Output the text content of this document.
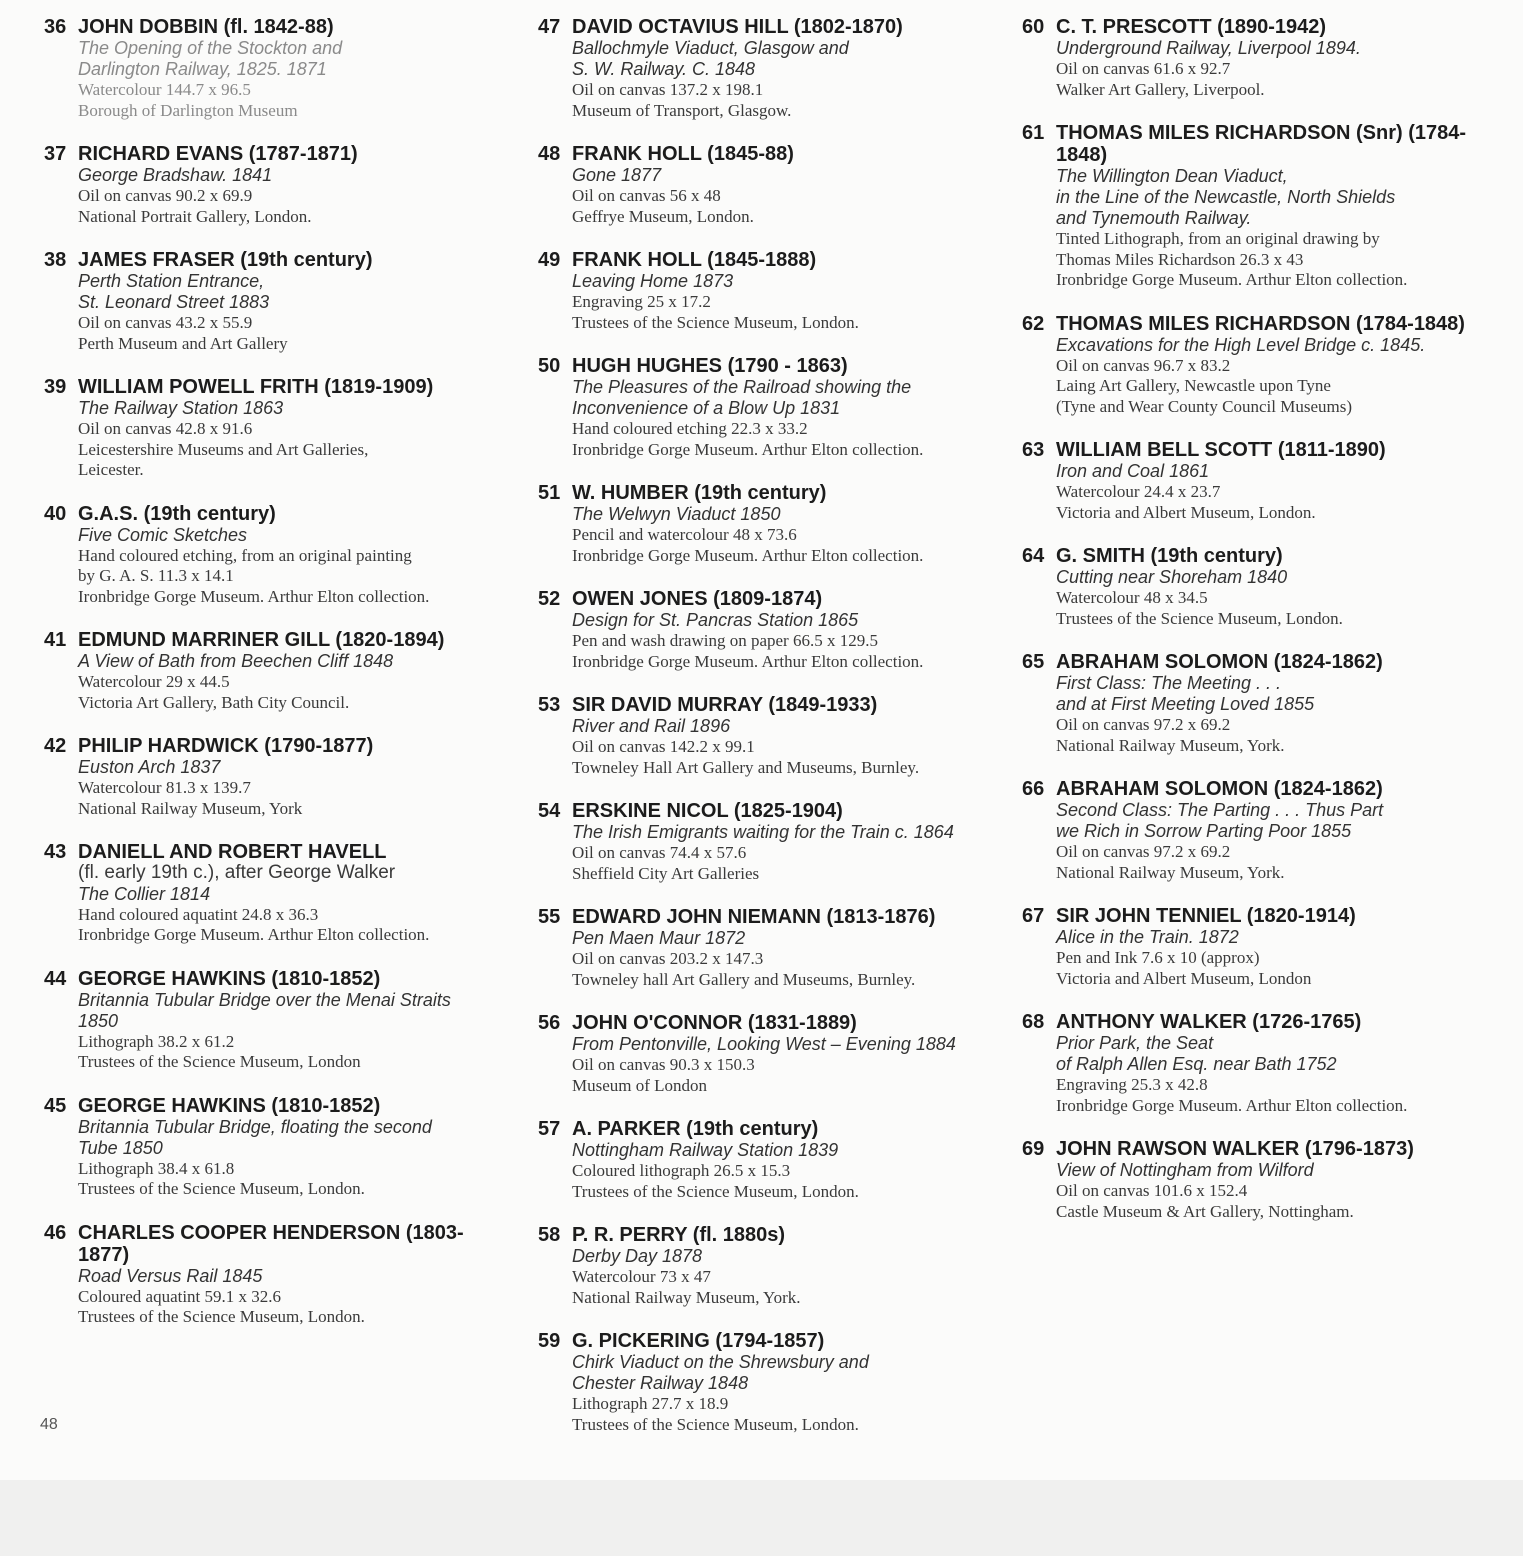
36 JOHN DOBBIN (fl. 1842-88)
The Opening of the Stockton and
Darlington Railway, 1825. 1871
Watercolour 144.7 x 96.5
Borough of Darlington Museum
37 RICHARD EVANS (1787-1871)
George Bradshaw. 1841
Oil on canvas 90.2 x 69.9
National Portrait Gallery, London.
38 JAMES FRASER (19th century)
Perth Station Entrance,
St. Leonard Street 1883
Oil on canvas 43.2 x 55.9
Perth Museum and Art Gallery
39 WILLIAM POWELL FRITH (1819-1909)
The Railway Station 1863
Oil on canvas 42.8 x 91.6
Leicestershire Museums and Art Galleries,
Leicester.
40 G.A.S. (19th century)
Five Comic Sketches
Hand coloured etching, from an original painting
by G. A. S. 11.3 x 14.1
Ironbridge Gorge Museum. Arthur Elton collection.
41 EDMUND MARRINER GILL (1820-1894)
A View of Bath from Beechen Cliff 1848
Watercolour 29 x 44.5
Victoria Art Gallery, Bath City Council.
42 PHILIP HARDWICK (1790-1877)
Euston Arch 1837
Watercolour 81.3 x 139.7
National Railway Museum, York
43 DANIELL AND ROBERT HAVELL
(fl. early 19th c.), after George Walker
The Collier 1814
Hand coloured aquatint 24.8 x 36.3
Ironbridge Gorge Museum. Arthur Elton collection.
44 GEORGE HAWKINS (1810-1852)
Britannia Tubular Bridge over the Menai Straits
1850
Lithograph 38.2 x 61.2
Trustees of the Science Museum, London
45 GEORGE HAWKINS (1810-1852)
Britannia Tubular Bridge, floating the second
Tube 1850
Lithograph 38.4 x 61.8
Trustees of the Science Museum, London.
46 CHARLES COOPER HENDERSON (1803-1877)
Road Versus Rail 1845
Coloured aquatint 59.1 x 32.6
Trustees of the Science Museum, London.
47 DAVID OCTAVIUS HILL (1802-1870)
Ballochmyle Viaduct, Glasgow and
S. W. Railway. C. 1848
Oil on canvas 137.2 x 198.1
Museum of Transport, Glasgow.
48 FRANK HOLL (1845-88)
Gone 1877
Oil on canvas 56 x 48
Geffrye Museum, London.
49 FRANK HOLL (1845-1888)
Leaving Home 1873
Engraving 25 x 17.2
Trustees of the Science Museum, London.
50 HUGH HUGHES (1790 - 1863)
The Pleasures of the Railroad showing the
Inconvenience of a Blow Up 1831
Hand coloured etching 22.3 x 33.2
Ironbridge Gorge Museum. Arthur Elton collection.
51 W. HUMBER (19th century)
The Welwyn Viaduct 1850
Pencil and watercolour 48 x 73.6
Ironbridge Gorge Museum. Arthur Elton collection.
52 OWEN JONES (1809-1874)
Design for St. Pancras Station 1865
Pen and wash drawing on paper 66.5 x 129.5
Ironbridge Gorge Museum. Arthur Elton collection.
53 SIR DAVID MURRAY (1849-1933)
River and Rail 1896
Oil on canvas 142.2 x 99.1
Towneley Hall Art Gallery and Museums, Burnley.
54 ERSKINE NICOL (1825-1904)
The Irish Emigrants waiting for the Train c. 1864
Oil on canvas 74.4 x 57.6
Sheffield City Art Galleries
55 EDWARD JOHN NIEMANN (1813-1876)
Pen Maen Maur 1872
Oil on canvas 203.2 x 147.3
Towneley hall Art Gallery and Museums, Burnley.
56 JOHN O'CONNOR (1831-1889)
From Pentonville, Looking West – Evening 1884
Oil on canvas 90.3 x 150.3
Museum of London
57 A. PARKER (19th century)
Nottingham Railway Station 1839
Coloured lithograph 26.5 x 15.3
Trustees of the Science Museum, London.
58 P. R. PERRY (fl. 1880s)
Derby Day 1878
Watercolour 73 x 47
National Railway Museum, York.
59 G. PICKERING (1794-1857)
Chirk Viaduct on the Shrewsbury and
Chester Railway 1848
Lithograph 27.7 x 18.9
Trustees of the Science Museum, London.
60 C. T. PRESCOTT (1890-1942)
Underground Railway, Liverpool 1894.
Oil on canvas 61.6 x 92.7
Walker Art Gallery, Liverpool.
61 THOMAS MILES RICHARDSON (Snr) (1784-1848)
The Willington Dean Viaduct,
in the Line of the Newcastle, North Shields
and Tynemouth Railway.
Tinted Lithograph, from an original drawing by
Thomas Miles Richardson 26.3 x 43
Ironbridge Gorge Museum. Arthur Elton collection.
62 THOMAS MILES RICHARDSON (1784-1848)
Excavations for the High Level Bridge c. 1845.
Oil on canvas 96.7 x 83.2
Laing Art Gallery, Newcastle upon Tyne
(Tyne and Wear County Council Museums)
63 WILLIAM BELL SCOTT (1811-1890)
Iron and Coal 1861
Watercolour 24.4 x 23.7
Victoria and Albert Museum, London.
64 G. SMITH (19th century)
Cutting near Shoreham 1840
Watercolour 48 x 34.5
Trustees of the Science Museum, London.
65 ABRAHAM SOLOMON (1824-1862)
First Class: The Meeting . . .
and at First Meeting Loved 1855
Oil on canvas 97.2 x 69.2
National Railway Museum, York.
66 ABRAHAM SOLOMON (1824-1862)
Second Class: The Parting . . . Thus Part
we Rich in Sorrow Parting Poor 1855
Oil on canvas 97.2 x 69.2
National Railway Museum, York.
67 SIR JOHN TENNIEL (1820-1914)
Alice in the Train. 1872
Pen and Ink 7.6 x 10 (approx)
Victoria and Albert Museum, London
68 ANTHONY WALKER (1726-1765)
Prior Park, the Seat
of Ralph Allen Esq. near Bath 1752
Engraving 25.3 x 42.8
Ironbridge Gorge Museum. Arthur Elton collection.
69 JOHN RAWSON WALKER (1796-1873)
View of Nottingham from Wilford
Oil on canvas 101.6 x 152.4
Castle Museum & Art Gallery, Nottingham.
48
